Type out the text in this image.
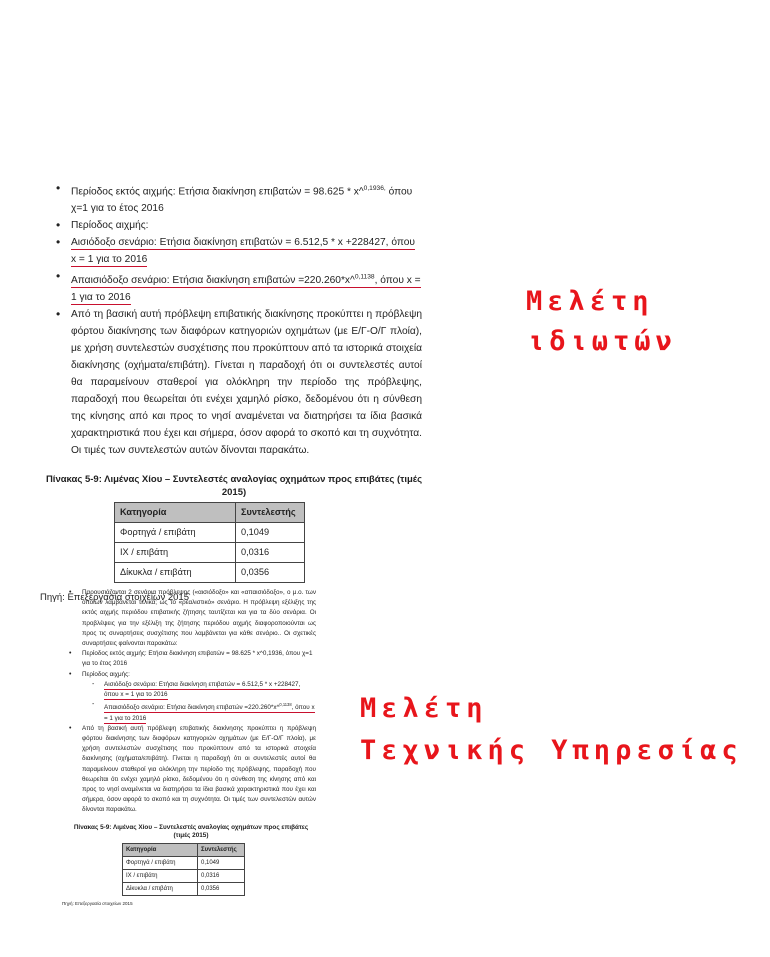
• Περίοδος εκτός αιχμής: Ετήσια διακίνηση επιβατών = 98.625 * x^$^{0,1936,}$ όπου χ=1 για το έτος 2016
• Περίοδος αιχμής:
• Αισιόδοξο σενάριο: Ετήσια διακίνηση επιβατών = 6.512,5 * x +228427, όπου x = 1 για το 2016
• Απαισιόδοξο σενάριο: Ετήσια διακίνηση επιβατών =220.260*x^$^{0,1138}$, όπου x = 1 για το 2016
• Από τη βασική αυτή πρόβλεψη επιβατικής διακίνησης προκύπτει η πρόβλεψη φόρτου διακίνησης των διαφόρων κατηγοριών οχημάτων (με Ε/Γ-Ο/Γ πλοία), με χρήση συντελεστών συσχέτισης που προκύπτουν από τα ιστορικά στοιχεία διακίνησης (οχήματα/επιβάτη). Γίνεται η παραδοχή ότι οι συντελεστές αυτοί θα παραμείνουν σταθεροί για ολόκληρη την περίοδο της πρόβλεψης, παραδοχή που θεωρείται ότι ενέχει χαμηλό ρίσκο, δεδομένου ότι η σύνθεση της κίνησης από και προς το νησί αναμένεται να διατηρήσει τα ίδια βασικά χαρακτηριστικά που έχει και σήμερα, όσον αφορά το σκοπό και τη συχνότητα. Οι τιμές των συντελεστών αυτών δίνονται παρακάτω.
Πίνακας 5-9: Λιμένας Χίου – Συντελεστές αναλογίας οχημάτων προς επιβάτες (τιμές 2015)
Κατηγορία	Συντελεστής
Φορτηγά / επιβάτη	0,1049
ΙΧ / επιβάτη	0,0316
Δίκυκλα / επιβάτη	0,0356
Πηγή: Επεξεργασία στοιχείων 2015
Μελέτη
ιδιωτών
• Παρουσιάζονται 2 σενάρια πρόβλεψης («αισιόδοξο» και «απαισιόδοξο», ο μ.ο. των οποίων λαμβάνεται τελικά; ως το «ρεαλιστικό» σενάριο. Η πρόβλεψη εξέλιξης της εκτός αιχμής περιόδου επιβατικής ζήτησης ταυτίζεται και για τα δύο σενάρια. Οι προβλέψεις για την εξέλιξη της ζήτησης περιόδου αιχμής διαφοροποιούνται ως προς τις συναρτήσεις συσχέτισης που λαμβάνεται για κάθε σενάριο.. Οι σχετικές συναρτήσεις φαίνονται παρακάτω:
• Περίοδος εκτός αιχμής: Ετήσια διακίνηση επιβατών = 98.625 * x^0,1936, όπου χ=1 για το έτος 2016
• Περίοδος αιχμής:
- Αισιόδοξο σενάριο: Ετήσια διακίνηση επιβατών = 6.512,5 * x +228427, όπου x = 1 για το 2016
- Απαισιόδοξο σενάριο: Ετήσια διακίνηση επιβατών =220.260*x^$^{0,1138}$, όπου x = 1 για το 2016
• Από τη βασική αυτή πρόβλεψη επιβατικής διακίνησης προκύπτει η πρόβλεψη φόρτου διακίνησης των διαφόρων κατηγοριών οχημάτων (με Ε/Γ-Ο/Γ πλοία), με χρήση συντελεστών συσχέτισης που προκύπτουν από τα ιστορικά στοιχεία διακίνησης (οχήματα/επιβάτη). Γίνεται η παραδοχή ότι οι συντελεστές αυτοί θα παραμείνουν σταθεροί για ολόκληρη την περίοδο της πρόβλεψης, παραδοχή που θεωρείται ότι ενέχει χαμηλό ρίσκο, δεδομένου ότι η σύνθεση της κίνησης από και προς το νησί αναμένεται να διατηρήσει τα ίδια βασικά χαρακτηριστικά που έχει και σήμερα, όσον αφορά το σκοπό και τη συχνότητα. Οι τιμές των συντελεστών αυτών δίνονται παρακάτω.
Πίνακας 5-9: Λιμένας Χίου – Συντελεστές αναλογίας οχημάτων προς επιβάτες (τιμές 2015)
Κατηγορία	Συντελεστής
Φορτηγά / επιβάτη	0,1049
ΙΧ / επιβάτη	0,0316
Δίκυκλα / επιβάτη	0,0356
Πηγή: Επεξεργασία στοιχείων 2015
Μελέτη
Τεχνικής Υπηρεσίας
